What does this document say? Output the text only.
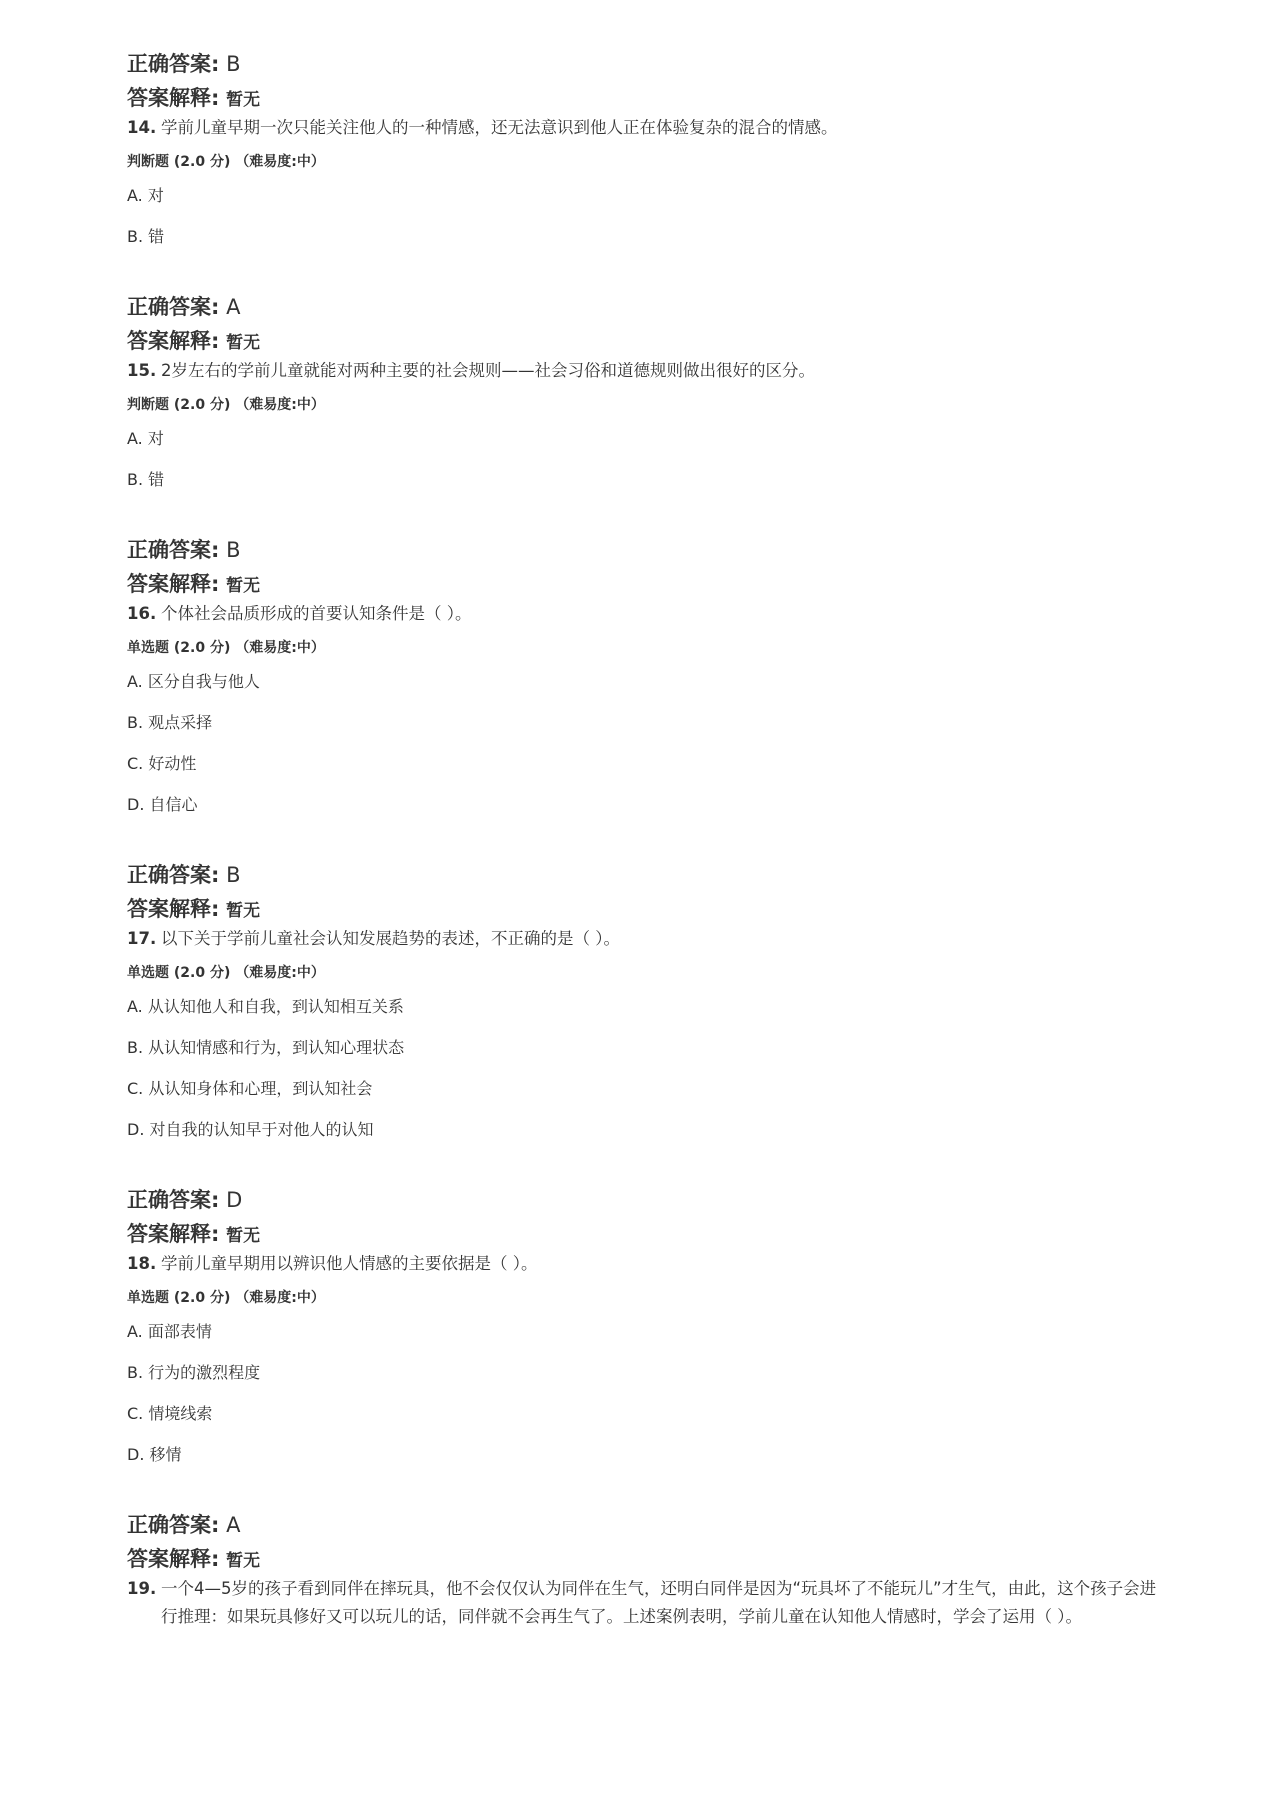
正确答案: B
答案解释: 暂无
14. 学前儿童早期一次只能关注他人的一种情感，还无法意识到他人正在体验复杂的混合的情感。
判断题 (2.0 分) （难易度:中）
A. 对
B. 错
正确答案: A
答案解释: 暂无
15. 2岁左右的学前儿童就能对两种主要的社会规则——社会习俗和道德规则做出很好的区分。
判断题 (2.0 分) （难易度:中）
A. 对
B. 错
正确答案: B
答案解释: 暂无
16. 个体社会品质形成的首要认知条件是（ ）。
单选题 (2.0 分) （难易度:中）
A. 区分自我与他人
B. 观点采择
C. 好动性
D. 自信心
正确答案: B
答案解释: 暂无
17. 以下关于学前儿童社会认知发展趋势的表述，不正确的是（ ）。
单选题 (2.0 分) （难易度:中）
A. 从认知他人和自我，到认知相互关系
B. 从认知情感和行为，到认知心理状态
C. 从认知身体和心理，到认知社会
D. 对自我的认知早于对他人的认知
正确答案: D
答案解释: 暂无
18. 学前儿童早期用以辨识他人情感的主要依据是（ ）。
单选题 (2.0 分) （难易度:中）
A. 面部表情
B. 行为的激烈程度
C. 情境线索
D. 移情
正确答案: A
答案解释: 暂无
19. 一个4—5岁的孩子看到同伴在摔玩具，他不会仅仅认为同伴在生气，还明白同伴是因为“玩具坏了不能玩儿”才生气，由此，这个孩子会进行推理：如果玩具修好又可以玩儿的话，同伴就不会再生气了。上述案例表明，学前儿童在认知他人情感时，学会了运用（ ）。
